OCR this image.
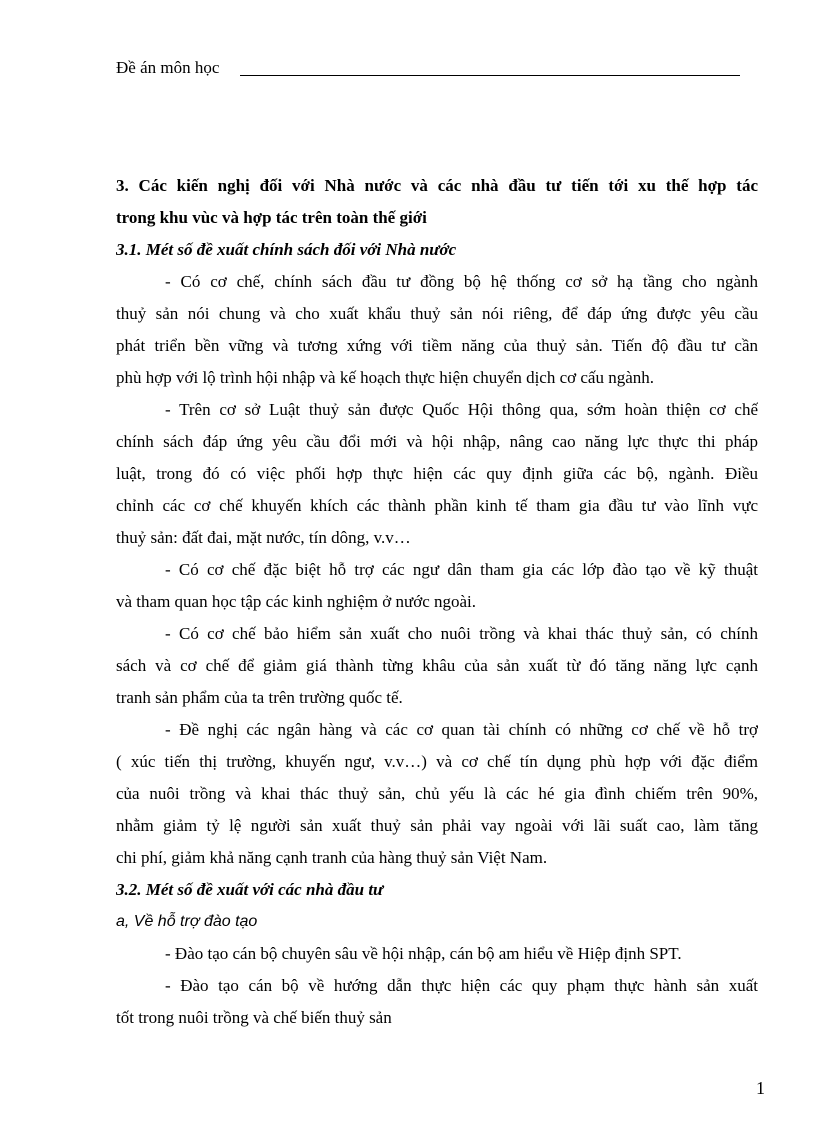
Đề án môn học
3. Các kiến nghị đối với Nhà nước và các nhà đầu tư tiến tới xu thế hợp tác
trong khu vùc và hợp tác trên toàn thế giới
3.1. Mét số đề xuất chính sách đối với Nhà nước
- Có cơ chế, chính sách đầu tư đồng bộ hệ thống cơ sở hạ tầng cho ngành
thuỷ sản nói chung và cho xuất khẩu thuỷ sản nói riêng, để đáp ứng được yêu cầu
phát triển bền vững và tương xứng với tiềm năng của thuỷ sản. Tiến độ đầu tư cần
phù hợp với lộ trình hội nhập và kế hoạch thực hiện chuyển dịch cơ cấu ngành.
- Trên cơ sở Luật thuỷ sản được Quốc Hội thông qua, sớm hoàn thiện cơ chế
chính sách đáp ứng yêu cầu đổi mới và hội nhập, nâng cao năng lực thực thi pháp
luật, trong đó có việc phối hợp thực hiện các quy định giữa các bộ, ngành. Điều
chỉnh các cơ chế khuyến khích các thành phần kinh tế tham gia đầu tư vào lĩnh vực
thuỷ sản: đất đai, mặt nước, tín dông, v.v…
- Có cơ chế đặc biệt hỗ trợ các ngư dân tham gia các lớp đào tạo về kỹ thuật
và tham quan học tập các kinh nghiệm ở nước ngoài.
- Có cơ chế bảo hiểm sản xuất cho nuôi trồng và khai thác thuỷ sản, có chính
sách và cơ chế để giảm giá thành từng khâu của sản xuất từ đó tăng năng lực cạnh
tranh sản phẩm của ta trên trường quốc tế.
- Đề nghị các ngân hàng và các cơ quan tài chính có những cơ chế về hỗ trợ
( xúc tiến thị trường, khuyến ngư, v.v…) và cơ chế tín dụng phù hợp với đặc điểm
của nuôi trồng và khai thác thuỷ sản, chủ yếu là các hé gia đình chiếm trên 90%,
nhằm giảm tỷ lệ người sản xuất thuỷ sản phải vay ngoài với lãi suất cao, làm tăng
chi phí, giảm khả năng cạnh tranh của hàng thuỷ sản Việt Nam.
3.2. Mét số đề xuất với các nhà đầu tư
a, Về hỗ trợ đào tạo
- Đào tạo cán bộ chuyên sâu về hội nhập, cán bộ am hiểu về Hiệp định SPT.
- Đào tạo cán bộ về hướng dẫn thực hiện các quy phạm thực hành sản xuất
tốt trong nuôi trồng và chế biến thuỷ sản
1
